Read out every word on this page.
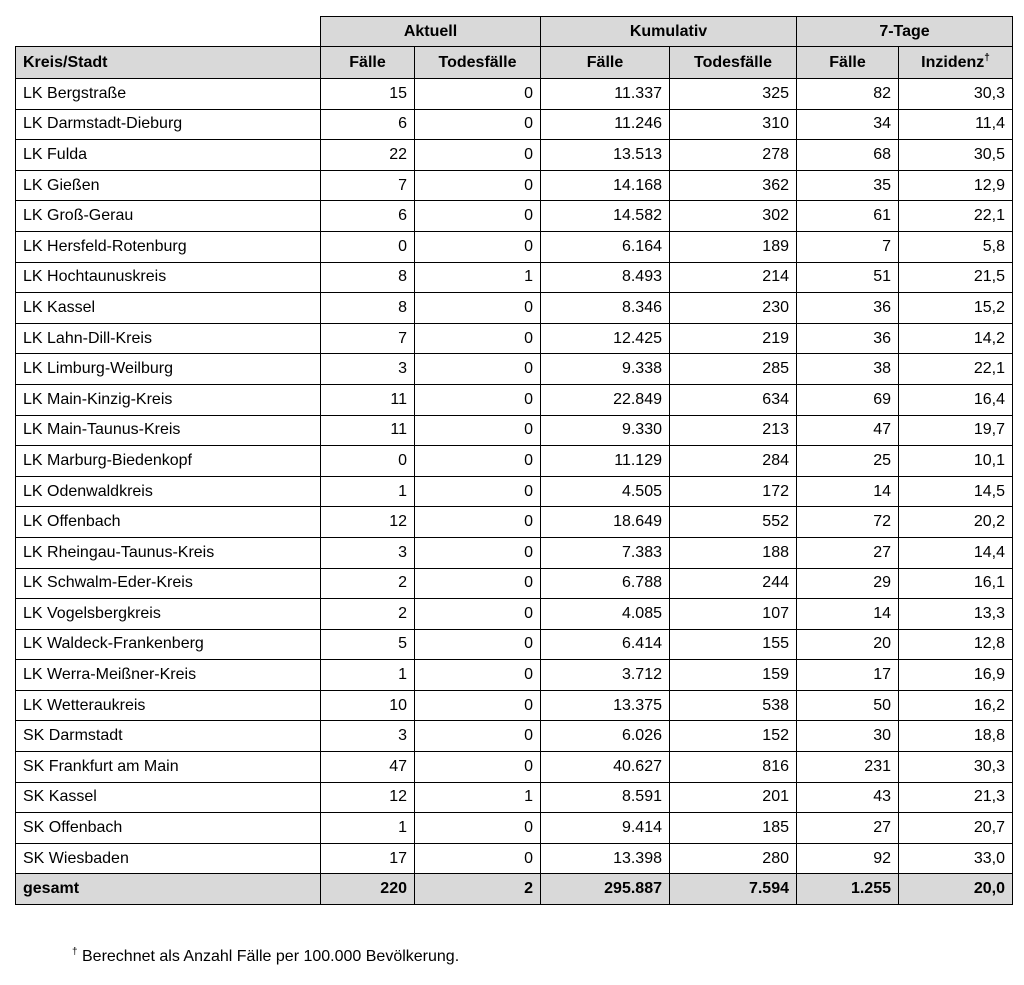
	Aktuell		Kumulativ		7-Tage	
Kreis/Stadt	Fälle	Todesfälle	Fälle	Todesfälle	Fälle	Inzidenz†
LK Bergstraße	15	0	11.337	325	82	30,3
LK Darmstadt-Dieburg	6	0	11.246	310	34	11,4
LK Fulda	22	0	13.513	278	68	30,5
LK Gießen	7	0	14.168	362	35	12,9
LK Groß-Gerau	6	0	14.582	302	61	22,1
LK Hersfeld-Rotenburg	0	0	6.164	189	7	5,8
LK Hochtaunuskreis	8	1	8.493	214	51	21,5
LK Kassel	8	0	8.346	230	36	15,2
LK Lahn-Dill-Kreis	7	0	12.425	219	36	14,2
LK Limburg-Weilburg	3	0	9.338	285	38	22,1
LK Main-Kinzig-Kreis	11	0	22.849	634	69	16,4
LK Main-Taunus-Kreis	11	0	9.330	213	47	19,7
LK Marburg-Biedenkopf	0	0	11.129	284	25	10,1
LK Odenwaldkreis	1	0	4.505	172	14	14,5
LK Offenbach	12	0	18.649	552	72	20,2
LK Rheingau-Taunus-Kreis	3	0	7.383	188	27	14,4
LK Schwalm-Eder-Kreis	2	0	6.788	244	29	16,1
LK Vogelsbergkreis	2	0	4.085	107	14	13,3
LK Waldeck-Frankenberg	5	0	6.414	155	20	12,8
LK Werra-Meißner-Kreis	1	0	3.712	159	17	16,9
LK Wetteraukreis	10	0	13.375	538	50	16,2
SK Darmstadt	3	0	6.026	152	30	18,8
SK Frankfurt am Main	47	0	40.627	816	231	30,3
SK Kassel	12	1	8.591	201	43	21,3
SK Offenbach	1	0	9.414	185	27	20,7
SK Wiesbaden	17	0	13.398	280	92	33,0
gesamt	220	2	295.887	7.594	1.255	20,0
† Berechnet als Anzahl Fälle per 100.000 Bevölkerung.
